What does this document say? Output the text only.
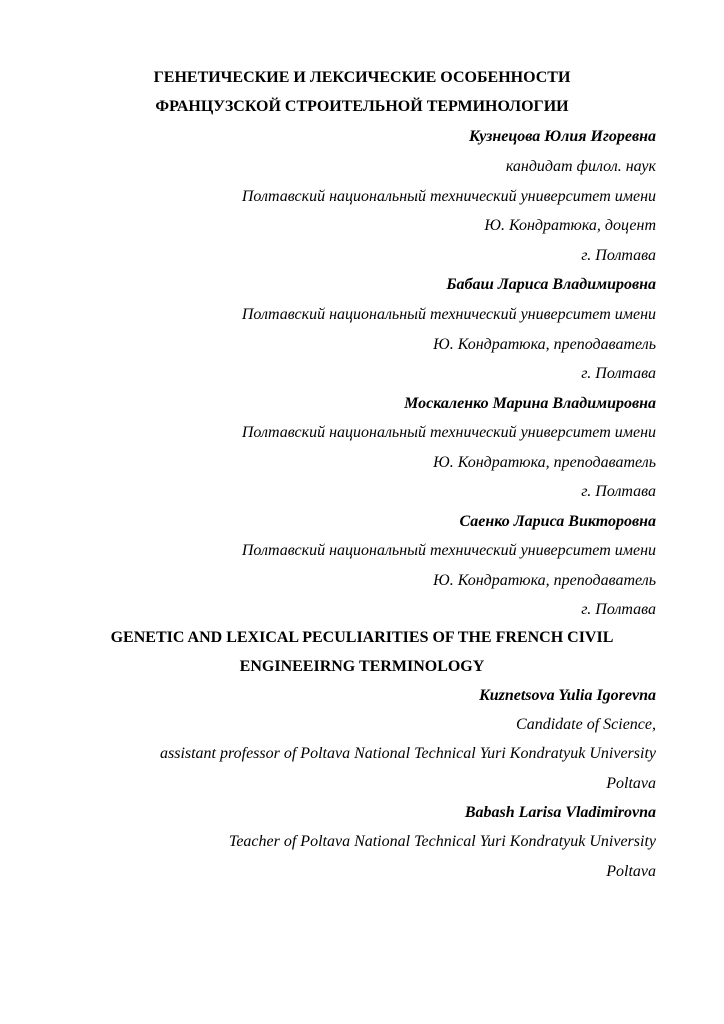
ГЕНЕТИЧЕСКИЕ И ЛЕКСИЧЕСКИЕ ОСОБЕННОСТИ
ФРАНЦУЗСКОЙ СТРОИТЕЛЬНОЙ ТЕРМИНОЛОГИИ
Кузнецова Юлия Игоревна
кандидат филол. наук
Полтавский национальный технический университет имени
Ю. Кондратюка, доцент
г. Полтава
Бабаш Лариса Владимировна
Полтавский национальный технический университет имени
Ю. Кондратюка, преподаватель
г. Полтава
Москаленко Марина Владимировна
Полтавский национальный технический университет имени
Ю. Кондратюка, преподаватель
г. Полтава
Саенко Лариса Викторовна
Полтавский национальный технический университет имени
Ю. Кондратюка, преподаватель
г. Полтава
GENETIC AND LEXICAL PECULIARITIES OF THE FRENCH CIVIL
ENGINEEIRNG TERMINOLOGY
Kuznetsova Yulia Igorevna
Candidate of Science,
assistant professor of Poltava National Technical Yuri Kondratyuk University
Poltava
Babash Larisa Vladimirovna
Teacher of Poltava National Technical Yuri Kondratyuk University
Poltava
